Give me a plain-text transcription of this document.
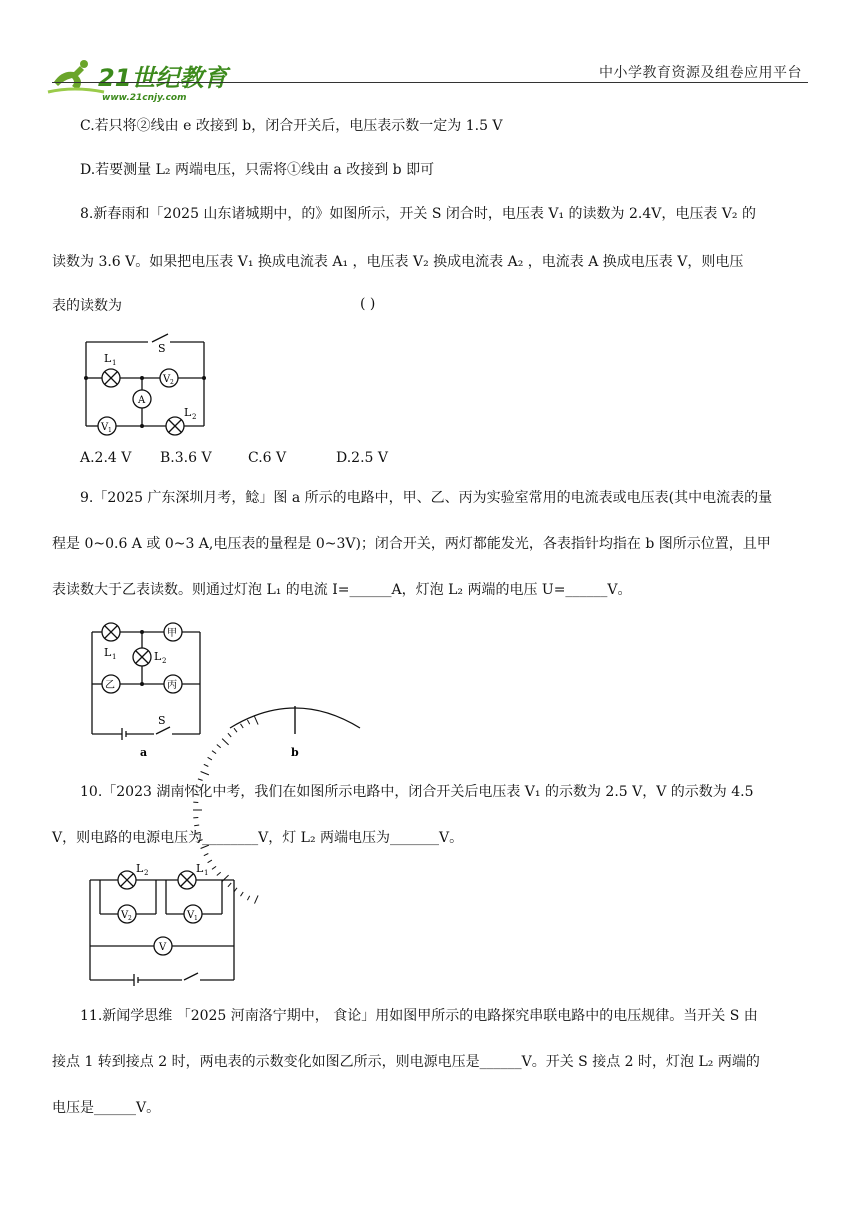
21世纪教育
www.21cnjy.com
中小学教育资源及组卷应用平台
C.若只将②线由 e 改接到 b，闭合开关后，电压表示数一定为 1.5 V
D.若要测量 L₂ 两端电压，只需将①线由 a 改接到 b 即可
8.新春雨和「2025 山东诸城期中，的》如图所示，开关 S 闭合时，电压表 V₁ 的读数为 2.4V，电压表 V₂ 的
读数为 3.6 V。如果把电压表 V₁ 换成电流表 A₁ ，电压表 V₂ 换成电流表 A₂ ，电流表 A 换成电压表 V，则电压
表的读数为	( )
S
L 1
V 2
A
V 1
L 2
A.2.4 V B.3.6 V	C.6 V	D.2.5 V
9.「2025 广东深圳月考，鲶」图 a 所示的电路中，甲、乙、丙为实验室常用的电流表或电压表(其中电流表的量
程是 0~0.6 A 或 0~3 A,电压表的量程是 0~3V)；闭合开关，两灯都能发光，各表指针均指在 b 图所示位置，且甲
表读数大于乙表读数。则通过灯泡 L₁ 的电流 I=______A，灯泡 L₂ 两端的电压 U=______V。
甲
乙	丙
L 1	L 2
S
a	b
10.「2023 湖南怀化中考，我们在如图所示电路中，闭合开关后电压表 V₁ 的示数为 2.5 V，V 的示数为 4.5
V，则电路的电源电压为________V，灯 L₂ 两端电压为_______V。
L 2	L 1
V 2	V 1
V
11.新闻学思维 「2025 河南洛宁期中， 食论」用如图甲所示的电路探究串联电路中的电压规律。当开关 S 由
接点 1 转到接点 2 时，两电表的示数变化如图乙所示，则电源电压是______V。开关 S 接点 2 时，灯泡 L₂ 两端的
电压是______V。
